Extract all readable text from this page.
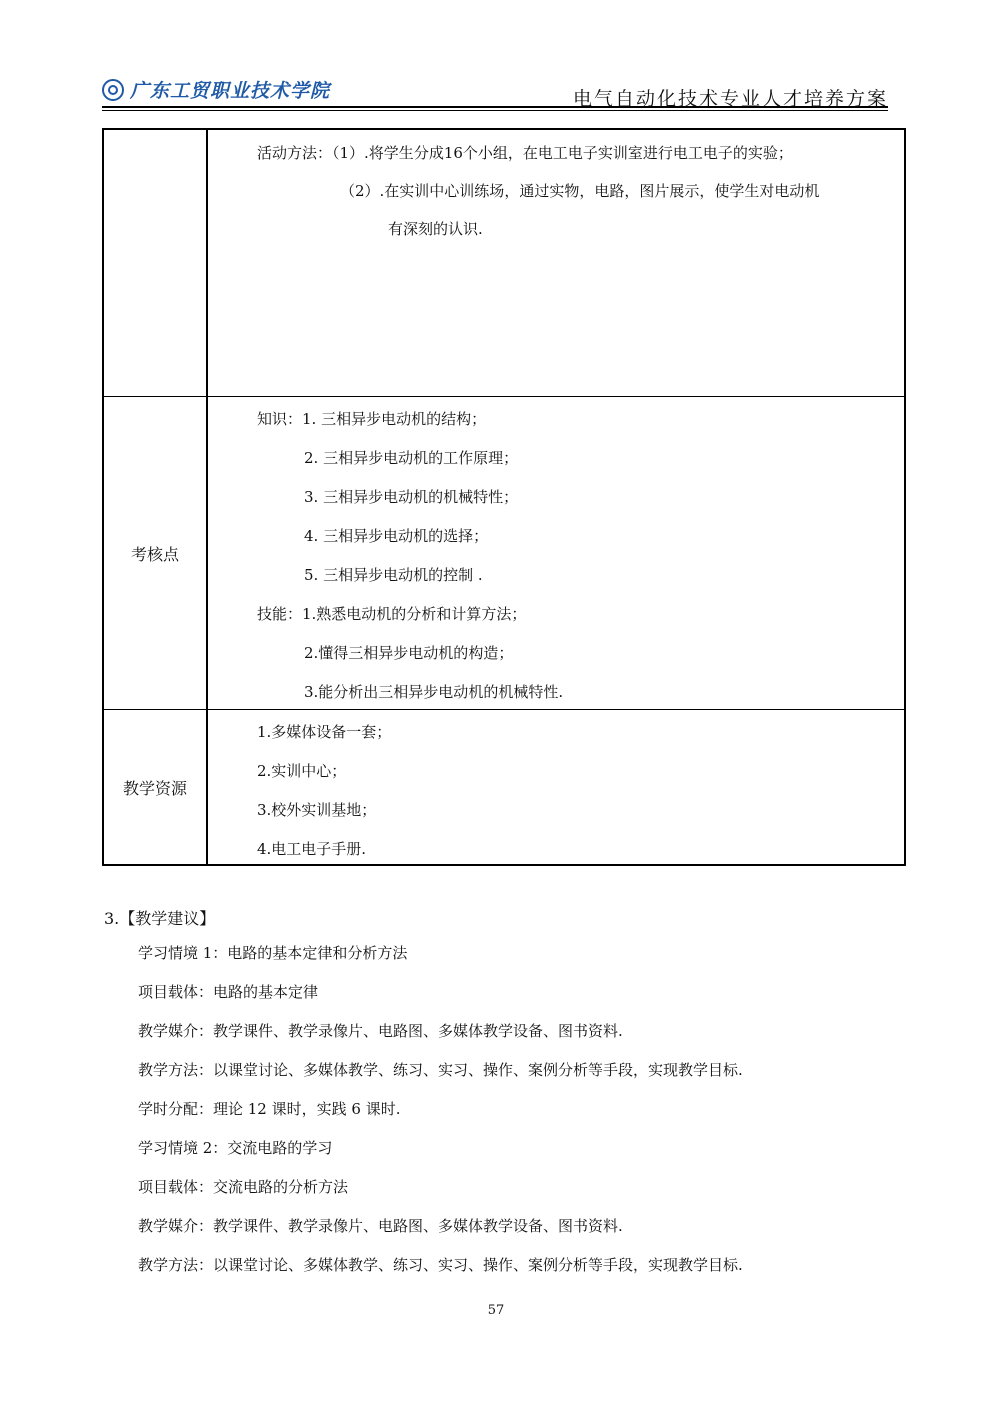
广东工贸职业技术学院	电气自动化技术专业人才培养方案
活动方法：（1）.将学生分成16个小组，在电工电子实训室进行电工电子的实验；
（2）.在实训中心训练场，通过实物，电路，图片展示，使学生对电动机
有深刻的认识.
考核点
知识：1. 三相异步电动机的结构；
2. 三相异步电动机的工作原理；
3. 三相异步电动机的机械特性；
4. 三相异步电动机的选择；
5. 三相异步电动机的控制 .
技能：1.熟悉电动机的分析和计算方法；
2.懂得三相异步电动机的构造；
3.能分析出三相异步电动机的机械特性.
教学资源
1.多媒体设备一套；
2.实训中心；
3.校外实训基地；
4.电工电子手册.
3.【教学建议】
学习情境 1：电路的基本定律和分析方法
项目载体：电路的基本定律
教学媒介：教学课件、教学录像片、电路图、多媒体教学设备、图书资料.
教学方法：以课堂讨论、多媒体教学、练习、实习、操作、案例分析等手段，实现教学目标.
学时分配：理论 12 课时，实践 6 课时.
学习情境 2：交流电路的学习
项目载体：交流电路的分析方法
教学媒介：教学课件、教学录像片、电路图、多媒体教学设备、图书资料.
教学方法：以课堂讨论、多媒体教学、练习、实习、操作、案例分析等手段，实现教学目标.
57
